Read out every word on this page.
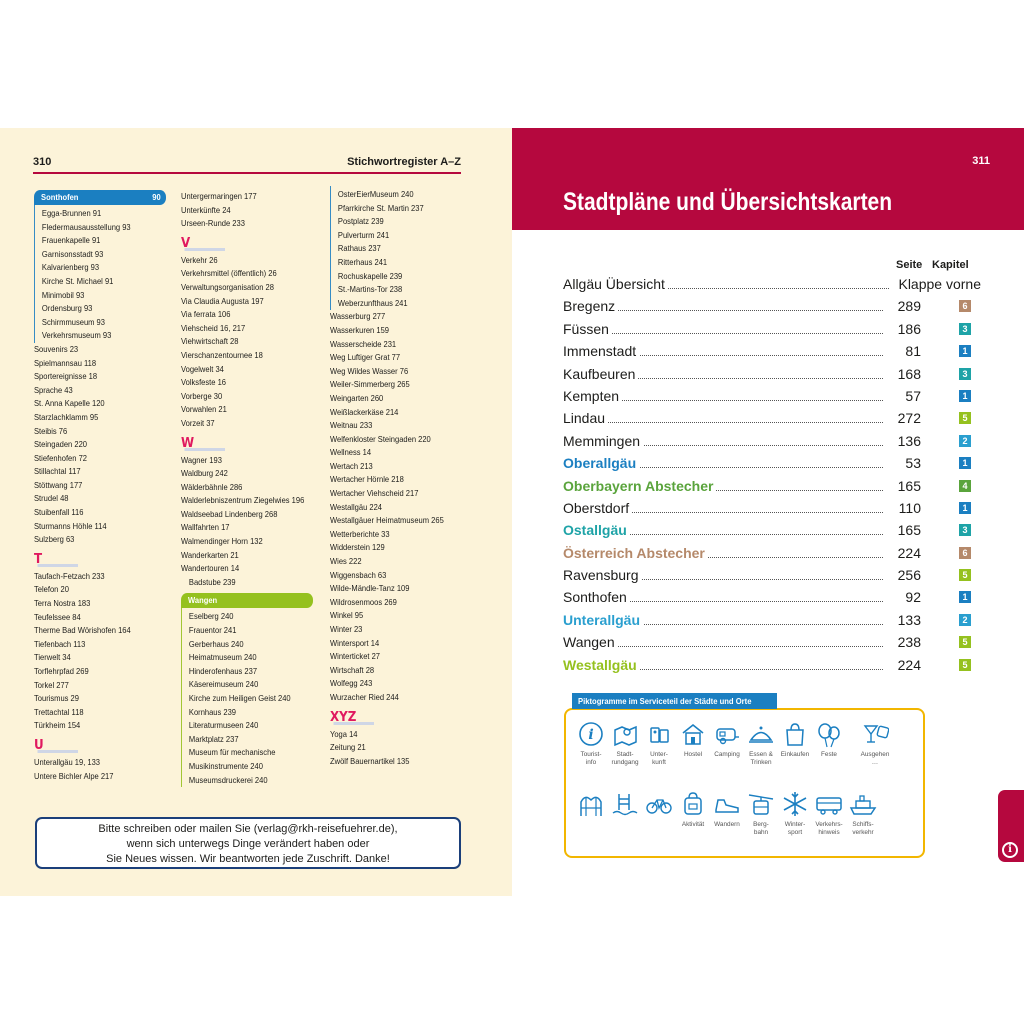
310	Stichwortregister A–Z
Sonthofen	90
Egga-Brunnen 91
Fledermausausstellung 93
Frauenkapelle 91
Garnisonsstadt 93
Kalvarienberg 93
Kirche St. Michael 91
Minimobil 93
Ordensburg 93
Schirmmuseum 93
Verkehrsmuseum 93
Souvenirs 23
Spielmannsau 118
Sportereignisse 18
Sprache 43
St. Anna Kapelle 120
Starzlachklamm 95
Steibis 76
Steingaden 220
Stiefenhofen 72
Stillachtal 117
Stöttwang 177
Strudel 48
Stuibenfall 116
Sturmanns Höhle 114
Sulzberg 63
T
Taufach-Fetzach 233
Telefon 20
Terra Nostra 183
Teufelssee 84
Therme Bad Wörishofen 164
Tiefenbach 113
Tierwelt 34
Torflehrpfad 269
Torkel 277
Tourismus 29
Trettachtal 118
Türkheim 154
U
Unterallgäu 19, 133
Untere Bichler Alpe 217
Untergermaringen 177
Unterkünfte 24
Urseen-Runde 233
V
Verkehr 26
Verkehrsmittel (öffentlich) 26
Verwaltungsorganisation 28
Via Claudia Augusta 197
Via ferrata 106
Viehscheid 16, 217
Viehwirtschaft 28
Vierschanzentournee 18
Vogelwelt 34
Volksfeste 16
Vorberge 30
Vorwahlen 21
Vorzeit 37
W
Wagner 193
Waldburg 242
Wälderbähnle 286
Walderlebniszentrum Ziegelwies 196
Waldseebad Lindenberg 268
Wallfahrten 17
Walmendinger Horn 132
Wanderkarten 21
Wandertouren 14
Badstube 239
Wangen
Eselberg 240
Frauentor 241
Gerberhaus 240
Heimatmuseum 240
Hinderofenhaus 237
Käsereimuseum 240
Kirche zum Heiligen Geist 240
Kornhaus 239
Literaturmuseen 240
Marktplatz 237
Museum für mechanische
Musikinstrumente 240
Museumsdruckerei 240
OsterEierMuseum 240
Pfarrkirche St. Martin 237
Postplatz 239
Pulverturm 241
Rathaus 237
Ritterhaus 241
Rochuskapelle 239
St.-Martins-Tor 238
Weberzunfthaus 241
Wasserburg 277
Wasserkuren 159
Wasserscheide 231
Weg Luftiger Grat 77
Weg Wildes Wasser 76
Weiler-Simmerberg 265
Weingarten 260
Weißlackerkäse 214
Weitnau 233
Welfenkloster Steingaden 220
Wellness 14
Wertach 213
Wertacher Hörnle 218
Wertacher Viehscheid 217
Westallgäu 224
Westallgäuer Heimatmuseum 265
Wetterberichte 33
Widderstein 129
Wies 222
Wiggensbach 63
Wilde-Mändle-Tanz 109
Wildrosenmoos 269
Winkel 95
Winter 23
Wintersport 14
Winterticket 27
Wirtschaft 28
Wolfegg 243
Wurzacher Ried 244
XYZ
Yoga 14
Zeitung 21
Zwölf Bauernartikel 135
Bitte schreiben oder mailen Sie (verlag@rkh-reisefuehrer.de),
wenn sich unterwegs Dinge verändert haben oder
Sie Neues wissen. Wir beantworten jede Zuschrift. Danke!
311
Stadtpläne und Übersichtskarten
Seite Kapitel
Allgäu Übersicht	Klappe vorne
Bregenz	289	6
Füssen	186	3
Immenstadt	81	1
Kaufbeuren	168	3
Kempten	57	1
Lindau	272	5
Memmingen	136	2
Oberallgäu	53	1
Oberbayern Abstecher	165	4
Oberstdorf	110	1
Ostallgäu	165	3
Österreich Abstecher	224	6
Ravensburg	256	5
Sonthofen	92	1
Unterallgäu	133	2
Wangen	238	5
Westallgäu	224	5
Piktogramme im Serviceteil der Städte und Orte
i
Tourist-
info
Stadt-
rundgang
Unter-
kunft
Hostel	Camping	Essen &
Trinken
Einkaufen	Feste	Ausgehen …
Aktivität	Wandern	Berg-
bahn
Winter-
sport
Verkehrs-
hinweis
Schiffs-
verkehr
i
